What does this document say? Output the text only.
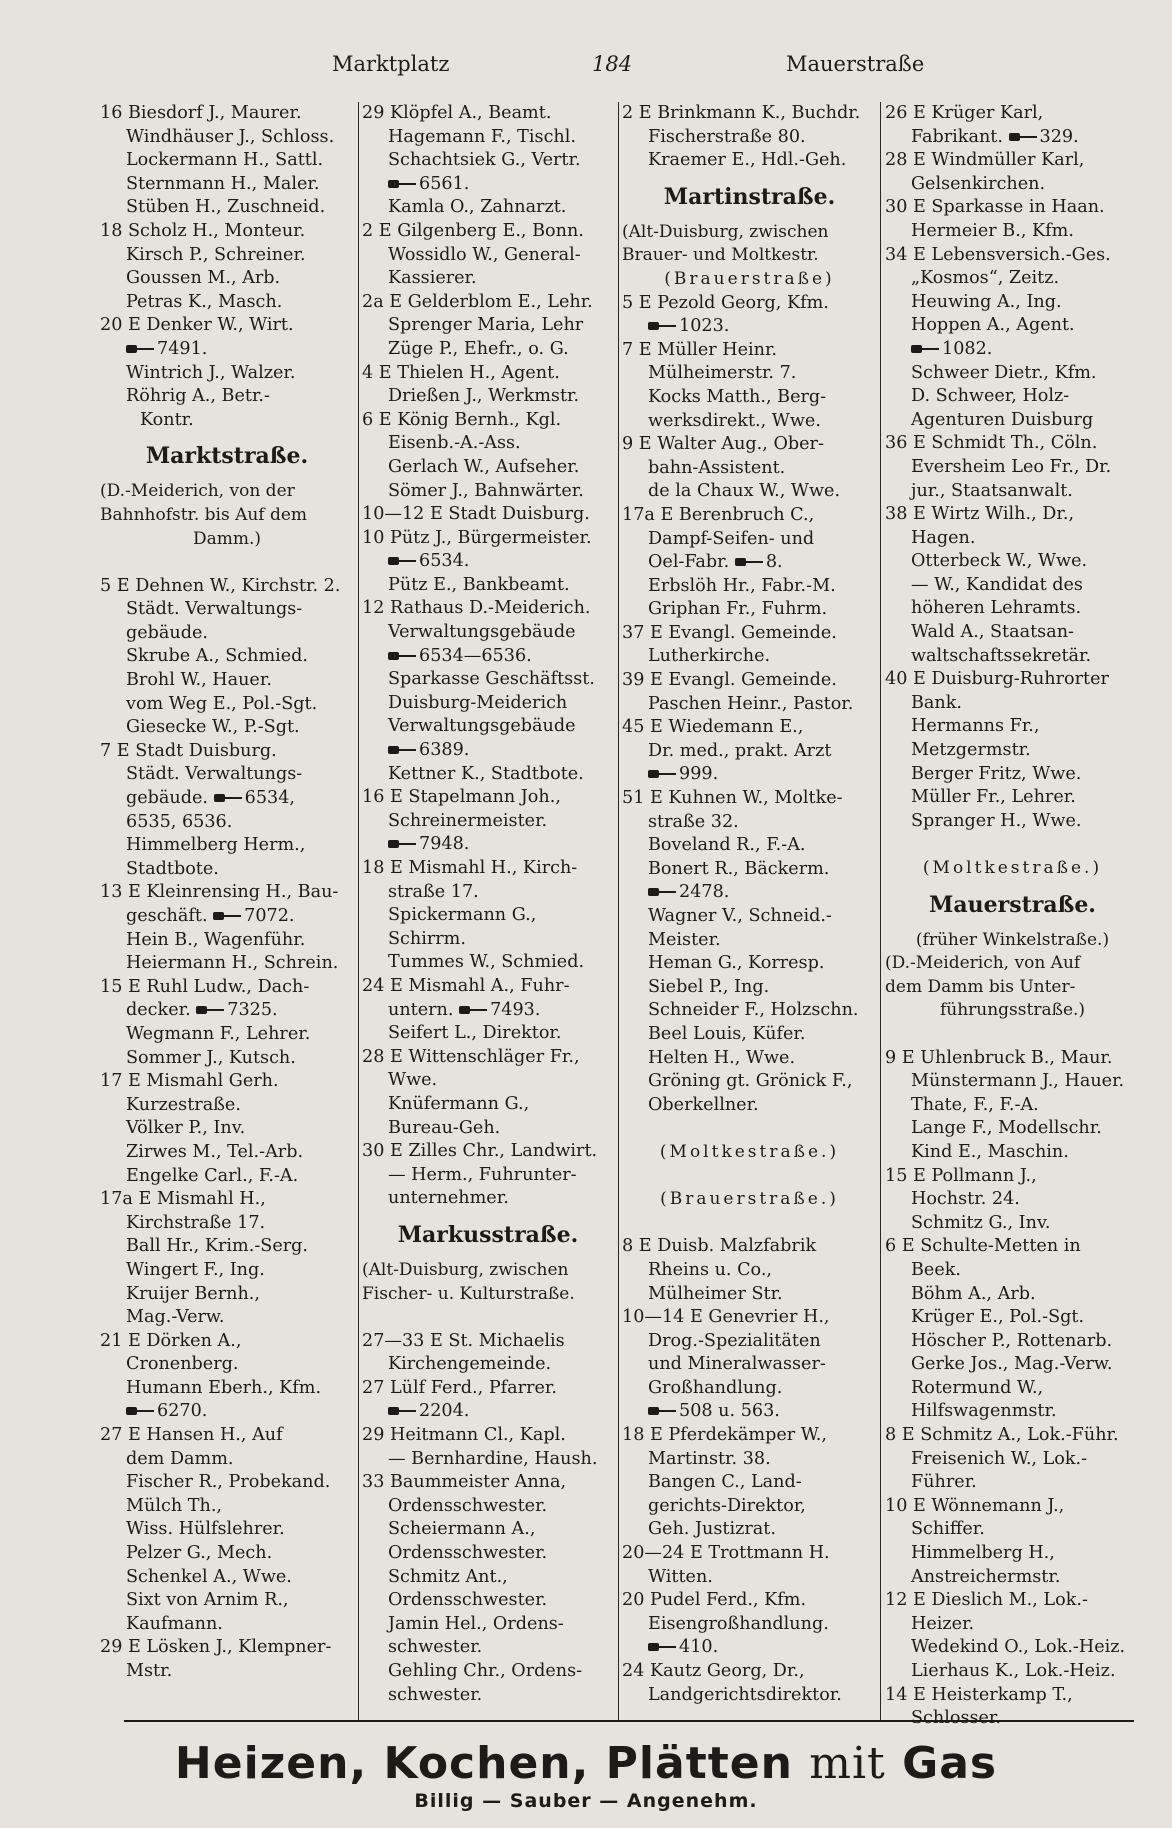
Marktplatz	184	Mauerstraße
16 Biesdorf J., Maurer.
Windhäuser J., Schloss.
Lockermann H., Sattl.
Sternmann H., Maler.
Stüben H., Zuschneid.
18 Scholz H., Monteur.
Kirsch P., Schreiner.
Goussen M., Arb.
Petras K., Masch.
20 E Denker W., Wirt.
7491.
Wintrich J., Walzer.
Röhrig A., Betr.-
Kontr.
Marktstraße.
(D.-Meiderich, von der
Bahnhofstr. bis Auf dem
Damm.)
5 E Dehnen W., Kirchstr. 2.
Städt. Verwaltungs-
gebäude.
Skrube A., Schmied.
Brohl W., Hauer.
vom Weg E., Pol.-Sgt.
Giesecke W., P.-Sgt.
7 E Stadt Duisburg.
Städt. Verwaltungs-
gebäude. 6534,
6535, 6536.
Himmelberg Herm.,
Stadtbote.
13 E Kleinrensing H., Bau-
geschäft. 7072.
Hein B., Wagenführ.
Heiermann H., Schrein.
15 E Ruhl Ludw., Dach-
decker. 7325.
Wegmann F., Lehrer.
Sommer J., Kutsch.
17 E Mismahl Gerh.
Kurzestraße.
Völker P., Inv.
Zirwes M., Tel.-Arb.
Engelke Carl., F.-A.
17a E Mismahl H.,
Kirchstraße 17.
Ball Hr., Krim.-Serg.
Wingert F., Ing.
Kruijer Bernh.,
Mag.-Verw.
21 E Dörken A.,
Cronenberg.
Humann Eberh., Kfm.
6270.
27 E Hansen H., Auf
dem Damm.
Fischer R., Probekand.
Mülch Th.,
Wiss. Hülfslehrer.
Pelzer G., Mech.
Schenkel A., Wwe.
Sixt von Arnim R.,
Kaufmann.
29 E Lösken J., Klempner-
Mstr.
29 Klöpfel A., Beamt.
Hagemann F., Tischl.
Schachtsiek G., Vertr.
6561.
Kamla O., Zahnarzt.
2 E Gilgenberg E., Bonn.
Wossidlo W., General-
Kassierer.
2a E Gelderblom E., Lehr.
Sprenger Maria, Lehr
Züge P., Ehefr., o. G.
4 E Thielen H., Agent.
Drießen J., Werkmstr.
6 E König Bernh., Kgl.
Eisenb.-A.-Ass.
Gerlach W., Aufseher.
Sömer J., Bahnwärter.
10—12 E Stadt Duisburg.
10 Pütz J., Bürgermeister.
6534.
Pütz E., Bankbeamt.
12 Rathaus D.-Meiderich.
Verwaltungsgebäude
6534—6536.
Sparkasse Geschäftsst.
Duisburg-Meiderich
Verwaltungsgebäude
6389.
Kettner K., Stadtbote.
16 E Stapelmann Joh.,
Schreinermeister.
7948.
18 E Mismahl H., Kirch-
straße 17.
Spickermann G.,
Schirrm.
Tummes W., Schmied.
24 E Mismahl A., Fuhr-
untern. 7493.
Seifert L., Direktor.
28 E Wittenschläger Fr.,
Wwe.
Knüfermann G.,
Bureau-Geh.
30 E Zilles Chr., Landwirt.
— Herm., Fuhrunter-
unternehmer.
Markusstraße.
(Alt-Duisburg, zwischen
Fischer- u. Kulturstraße.
27—33 E St. Michaelis
Kirchengemeinde.
27 Lülf Ferd., Pfarrer.
2204.
29 Heitmann Cl., Kapl.
— Bernhardine, Haush.
33 Baummeister Anna,
Ordensschwester.
Scheiermann A.,
Ordensschwester.
Schmitz Ant.,
Ordensschwester.
Jamin Hel., Ordens-
schwester.
Gehling Chr., Ordens-
schwester.
2 E Brinkmann K., Buchdr.
Fischerstraße 80.
Kraemer E., Hdl.-Geh.
Martinstraße.
(Alt-Duisburg, zwischen
Brauer- und Moltkestr.
(Brauerstraße)
5 E Pezold Georg, Kfm.
1023.
7 E Müller Heinr.
Mülheimerstr. 7.
Kocks Matth., Berg-
werksdirekt., Wwe.
9 E Walter Aug., Ober-
bahn-Assistent.
de la Chaux W., Wwe.
17a E Berenbruch C.,
Dampf-Seifen- und
Oel-Fabr. 8.
Erbslöh Hr., Fabr.-M.
Griphan Fr., Fuhrm.
37 E Evangl. Gemeinde.
Lutherkirche.
39 E Evangl. Gemeinde.
Paschen Heinr., Pastor.
45 E Wiedemann E.,
Dr. med., prakt. Arzt
999.
51 E Kuhnen W., Moltke-
straße 32.
Boveland R., F.-A.
Bonert R., Bäckerm.
2478.
Wagner V., Schneid.-
Meister.
Heman G., Korresp.
Siebel P., Ing.
Schneider F., Holzschn.
Beel Louis, Küfer.
Helten H., Wwe.
Gröning gt. Grönick F.,
Oberkellner.
(Moltkestraße.)
(Brauerstraße.)
8 E Duisb. Malzfabrik
Rheins u. Co.,
Mülheimer Str.
10—14 E Genevrier H.,
Drog.-Spezialitäten
und Mineralwasser-
Großhandlung.
508 u. 563.
18 E Pferdekämper W.,
Martinstr. 38.
Bangen C., Land-
gerichts-Direktor,
Geh. Justizrat.
20—24 E Trottmann H.
Witten.
20 Pudel Ferd., Kfm.
Eisengroßhandlung.
410.
24 Kautz Georg, Dr.,
Landgerichtsdirektor.
26 E Krüger Karl,
Fabrikant. 329.
28 E Windmüller Karl,
Gelsenkirchen.
30 E Sparkasse in Haan.
Hermeier B., Kfm.
34 E Lebensversich.-Ges.
„Kosmos“, Zeitz.
Heuwing A., Ing.
Hoppen A., Agent.
1082.
Schweer Dietr., Kfm.
D. Schweer, Holz-
Agenturen Duisburg
36 E Schmidt Th., Cöln.
Eversheim Leo Fr., Dr.
jur., Staatsanwalt.
38 E Wirtz Wilh., Dr.,
Hagen.
Otterbeck W., Wwe.
— W., Kandidat des
höheren Lehramts.
Wald A., Staatsan-
waltschaftssekretär.
40 E Duisburg-Ruhrorter
Bank.
Hermanns Fr.,
Metzgermstr.
Berger Fritz, Wwe.
Müller Fr., Lehrer.
Spranger H., Wwe.
(Moltkestraße.)
Mauerstraße.
(früher Winkelstraße.)
(D.-Meiderich, von Auf
dem Damm bis Unter-
führungsstraße.)
9 E Uhlenbruck B., Maur.
Münstermann J., Hauer.
Thate, F., F.-A.
Lange F., Modellschr.
Kind E., Maschin.
15 E Pollmann J.,
Hochstr. 24.
Schmitz G., Inv.
6 E Schulte-Metten in
Beek.
Böhm A., Arb.
Krüger E., Pol.-Sgt.
Höscher P., Rottenarb.
Gerke Jos., Mag.-Verw.
Rotermund W.,
Hilfswagenmstr.
8 E Schmitz A., Lok.-Führ.
Freisenich W., Lok.-
Führer.
10 E Wönnemann J.,
Schiffer.
Himmelberg H.,
Anstreichermstr.
12 E Dieslich M., Lok.-
Heizer.
Wedekind O., Lok.-Heiz.
Lierhaus K., Lok.-Heiz.
14 E Heisterkamp T.,
Schlosser.
Heizen, Kochen, Plätten mit Gas
Billig — Sauber — Angenehm.
